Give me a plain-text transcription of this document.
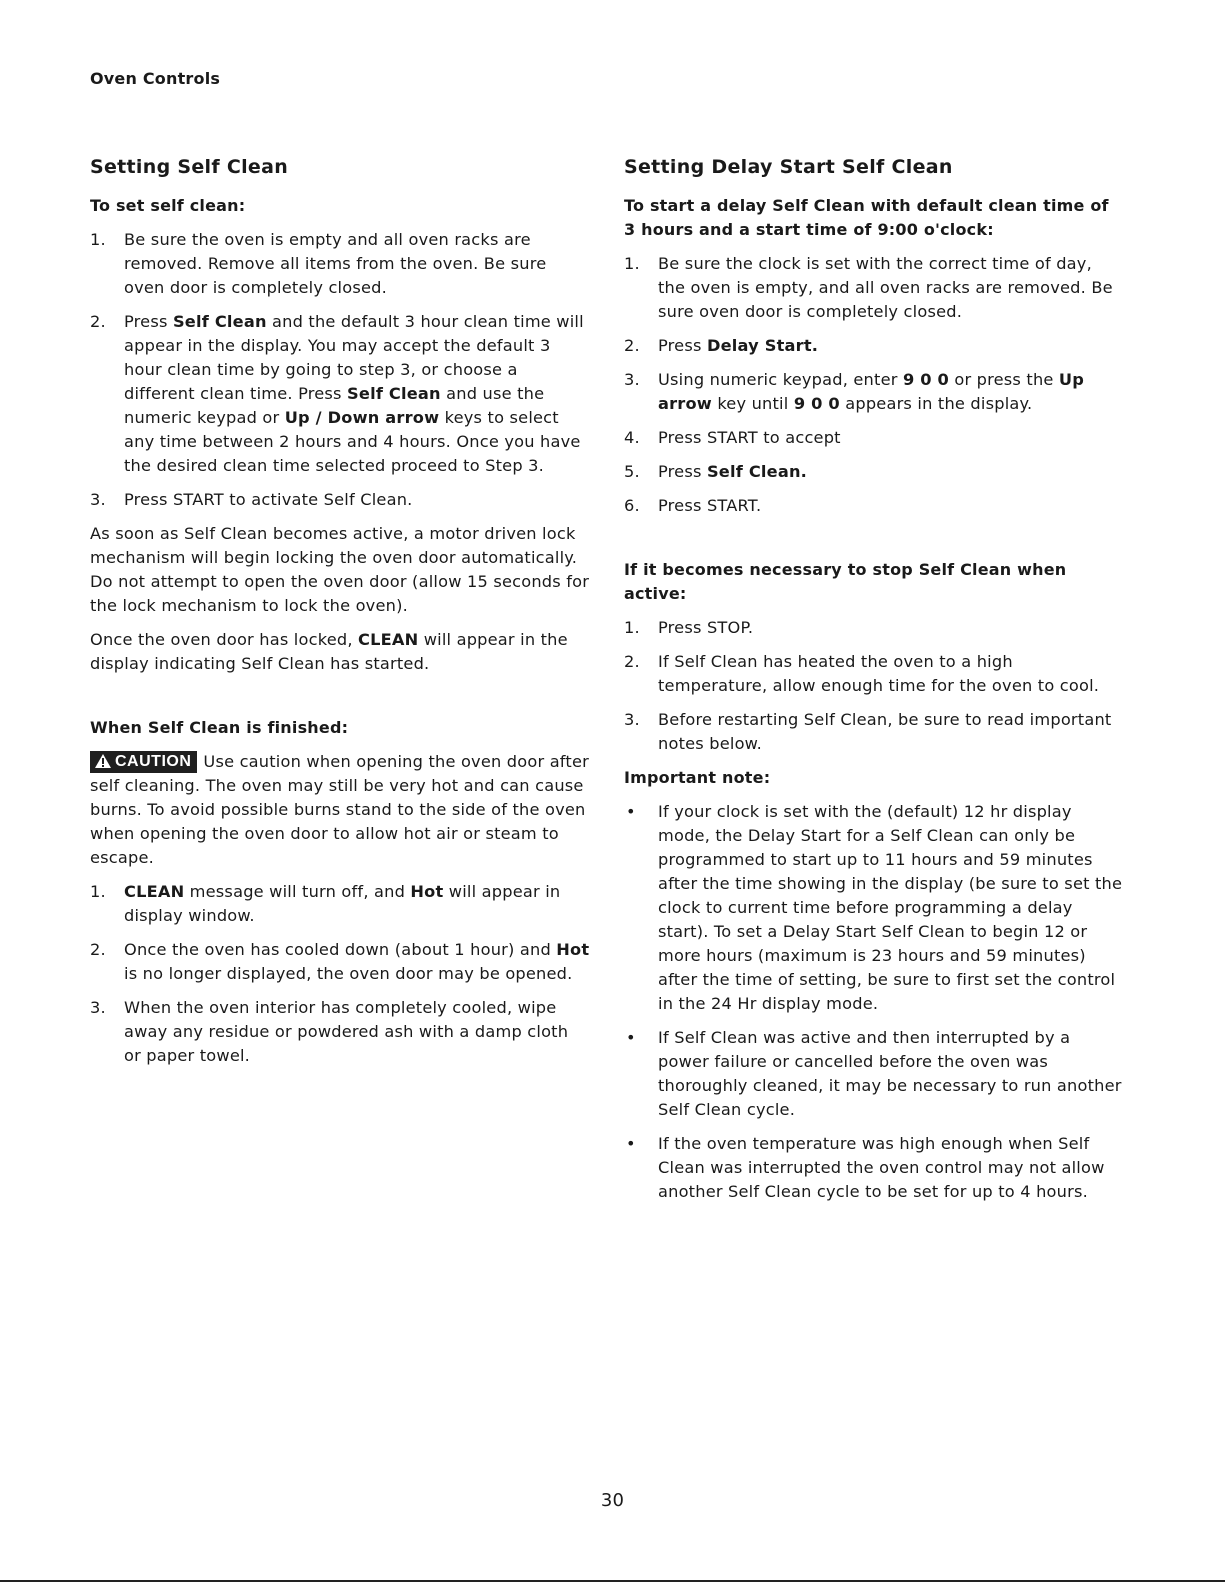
Oven Controls
Setting Self Clean
To set self clean:
1. Be sure the oven is empty and all oven racks are removed. Remove all items from the oven. Be sure oven door is completely closed.
2. Press Self Clean and the default 3 hour clean time will appear in the display. You may accept the default 3 hour clean time by going to step 3, or choose a different clean time. Press Self Clean and use the numeric keypad or Up / Down arrow keys to select any time between 2 hours and 4 hours. Once you have the desired clean time selected proceed to Step 3.
3. Press START to activate Self Clean.

As soon as Self Clean becomes active, a motor driven lock mechanism will begin locking the oven door automatically. Do not attempt to open the oven door (allow 15 seconds for the lock mechanism to lock the oven).

Once the oven door has locked, CLEAN will appear in the display indicating Self Clean has started.

When Self Clean is finished:

CAUTION Use caution when opening the oven door after self cleaning. The oven may still be very hot and can cause burns. To avoid possible burns stand to the side of the oven when opening the oven door to allow hot air or steam to escape.

1. CLEAN message will turn off, and Hot will appear in display window.
2. Once the oven has cooled down (about 1 hour) and Hot is no longer displayed, the oven door may be opened.
3. When the oven interior has completely cooled, wipe away any residue or powdered ash with a damp cloth or paper towel.
Setting Delay Start Self Clean
To start a delay Self Clean with default clean time of 3 hours and a start time of 9:00 o'clock:
1. Be sure the clock is set with the correct time of day, the oven is empty, and all oven racks are removed. Be sure oven door is completely closed.
2. Press Delay Start.
3. Using numeric keypad, enter 9 0 0 or press the Up arrow key until 9 0 0 appears in the display.
4. Press START to accept
5. Press Self Clean.
6. Press START.
If it becomes necessary to stop Self Clean when active:
1. Press STOP.
2. If Self Clean has heated the oven to a high temperature, allow enough time for the oven to cool.
3. Before restarting Self Clean, be sure to read important notes below.
Important note:
• If your clock is set with the (default) 12 hr display mode, the Delay Start for a Self Clean can only be programmed to start up to 11 hours and 59 minutes after the time showing in the display (be sure to set the clock to current time before programming a delay start). To set a Delay Start Self Clean to begin 12 or more hours (maximum is 23 hours and 59 minutes) after the time of setting, be sure to first set the control in the 24 Hr display mode.
• If Self Clean was active and then interrupted by a power failure or cancelled before the oven was thoroughly cleaned, it may be necessary to run another Self Clean cycle.
• If the oven temperature was high enough when Self Clean was interrupted the oven control may not allow another Self Clean cycle to be set for up to 4 hours.
30
